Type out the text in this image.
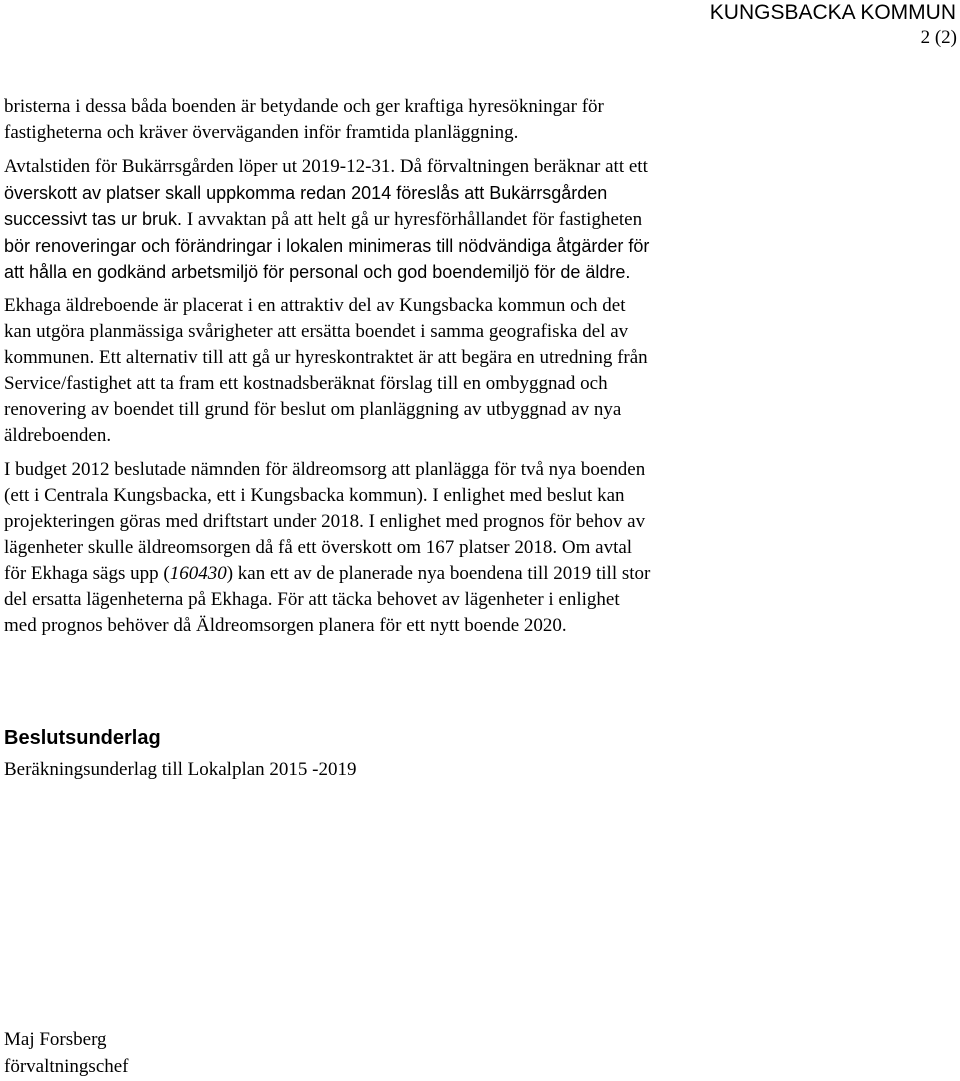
KUNGSBACKA KOMMUN
2 (2)

bristerna i dessa båda boenden är betydande och ger kraftiga hyresökningar för
fastigheterna och kräver överväganden inför framtida planläggning.

Avtalstiden för Bukärrsgården löper ut 2019-12-31. Då förvaltningen beräknar att ett
överskott av platser skall uppkomma redan 2014 föreslås att Bukärrsgården
successivt tas ur bruk. I avvaktan på att helt gå ur hyresförhållandet för fastigheten
bör renoveringar och förändringar i lokalen minimeras till nödvändiga åtgärder för
att hålla en godkänd arbetsmiljö för personal och god boendemiljö för de äldre.

Ekhaga äldreboende är placerat i en attraktiv del av Kungsbacka kommun och det
kan utgöra planmässiga svårigheter att ersätta boendet i samma geografiska del av
kommunen. Ett alternativ till att gå ur hyreskontraktet är att begära en utredning från
Service/fastighet att ta fram ett kostnadsberäknat förslag till en ombyggnad och
renovering av boendet till grund för beslut om planläggning av utbyggnad av nya
äldreboenden.

I budget 2012 beslutade nämnden för äldreomsorg att planlägga för två nya boenden
(ett i Centrala Kungsbacka, ett i Kungsbacka kommun). I enlighet med beslut kan
projekteringen göras med driftstart under 2018. I enlighet med prognos för behov av
lägenheter skulle äldreomsorgen då få ett överskott om 167 platser 2018. Om avtal
för Ekhaga sägs upp (160430) kan ett av de planerade nya boendena till 2019 till stor
del ersatta lägenheterna på Ekhaga. För att täcka behovet av lägenheter i enlighet
med prognos behöver då Äldreomsorgen planera för ett nytt boende 2020.

Beslutsunderlag
Beräkningsunderlag till Lokalplan 2015 -2019
Maj Forsberg
förvaltningschef
